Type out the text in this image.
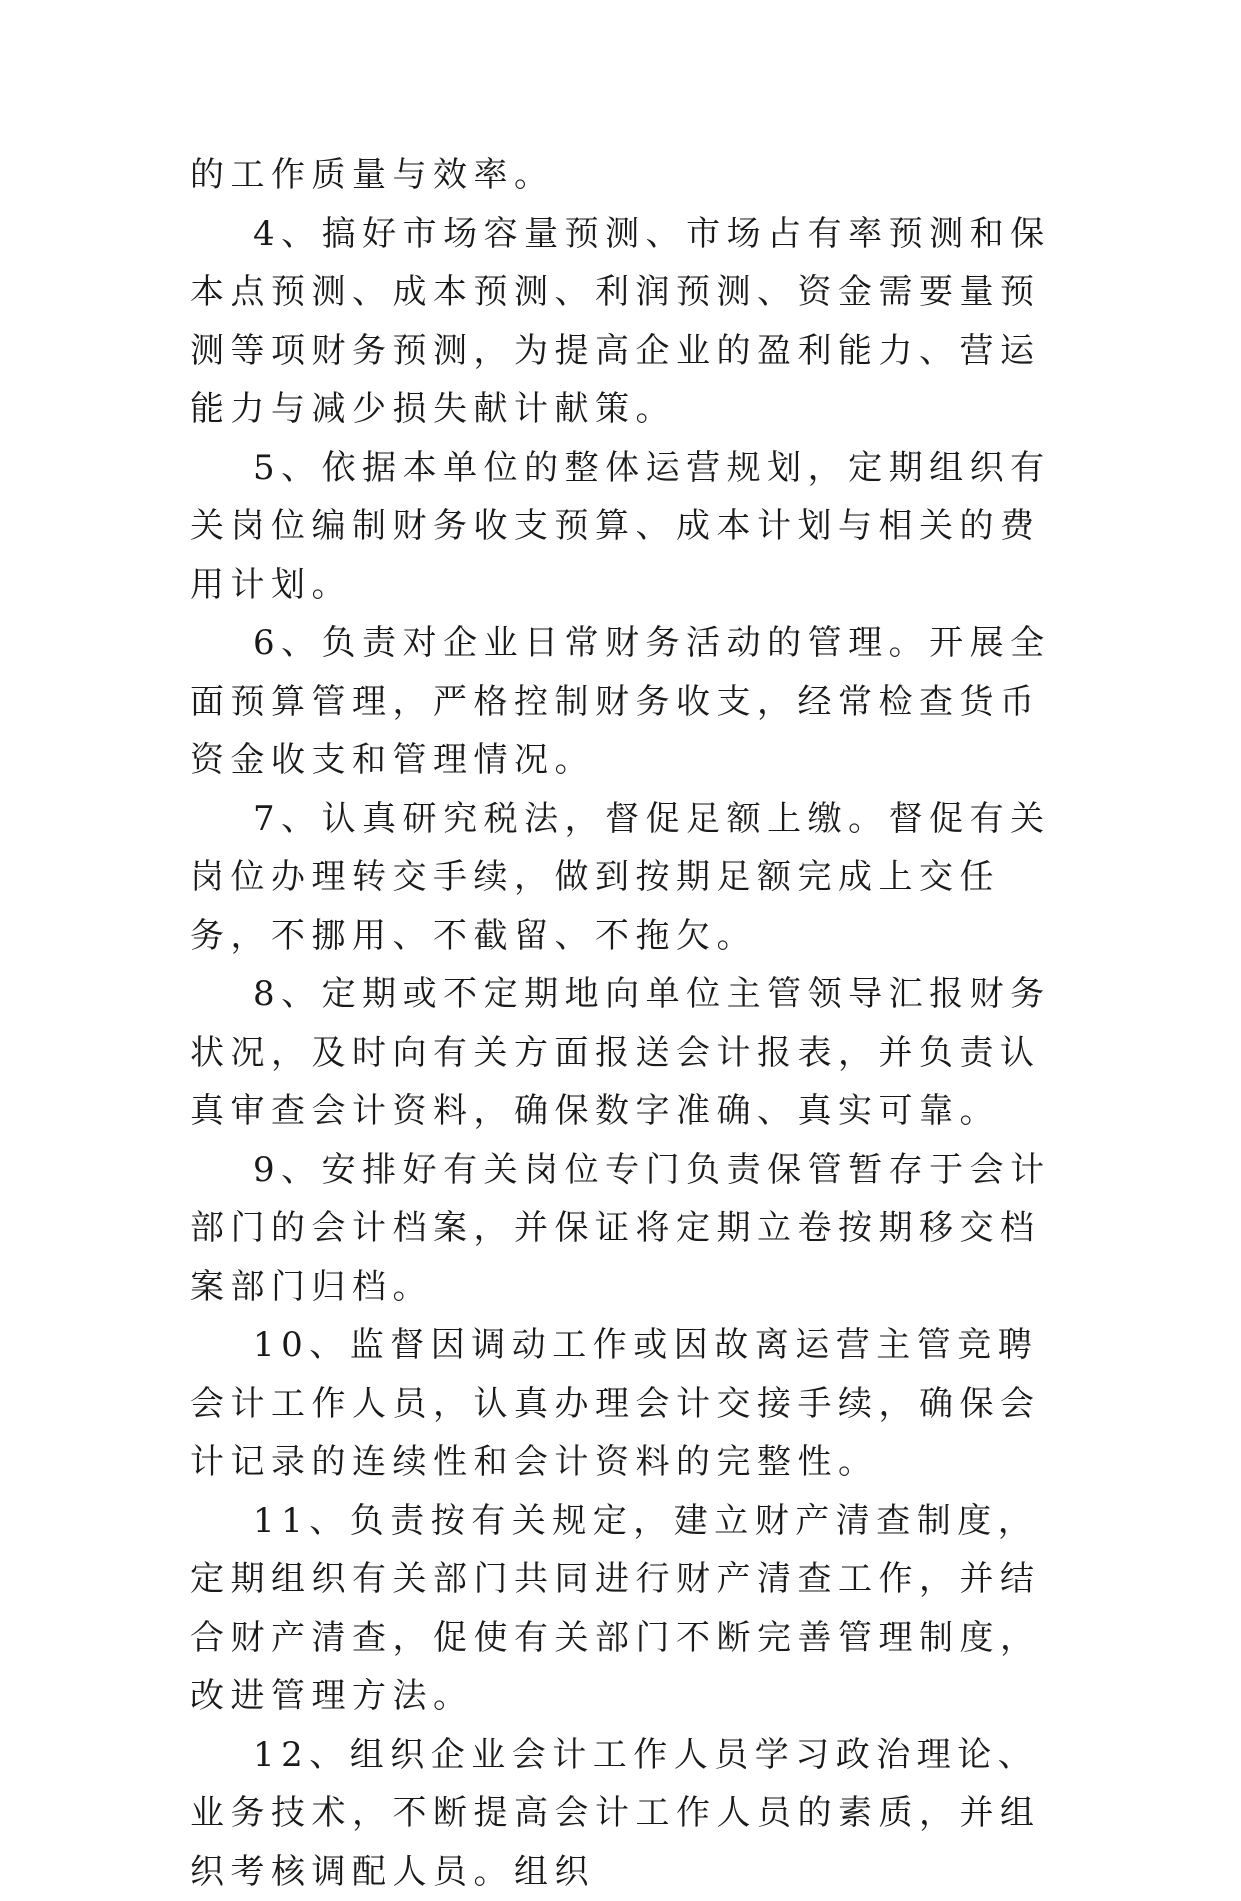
的工作质量与效率。

4、搞好市场容量预测、市场占有率预测和保本点预测、成本预测、利润预测、资金需要量预测等项财务预测，为提高企业的盈利能力、营运能力与减少损失献计献策。

5、依据本单位的整体运营规划，定期组织有关岗位编制财务收支预算、成本计划与相关的费用计划。

6、负责对企业日常财务活动的管理。开展全面预算管理，严格控制财务收支，经常检查货币资金收支和管理情况。

7、认真研究税法，督促足额上缴。督促有关岗位办理转交手续，做到按期足额完成上交任务，不挪用、不截留、不拖欠。

8、定期或不定期地向单位主管领导汇报财务状况，及时向有关方面报送会计报表，并负责认真审查会计资料，确保数字准确、真实可靠。

9、安排好有关岗位专门负责保管暂存于会计部门的会计档案，并保证将定期立卷按期移交档案部门归档。

10、监督因调动工作或因故离运营主管竞聘会计工作人员，认真办理会计交接手续，确保会计记录的连续性和会计资料的完整性。

11、负责按有关规定，建立财产清查制度，定期组织有关部门共同进行财产清查工作，并结合财产清查，促使有关部门不断完善管理制度，改进管理方法。

12、组织企业会计工作人员学习政治理论、业务技术，不断提高会计工作人员的素质，并组织考核调配人员。组织
